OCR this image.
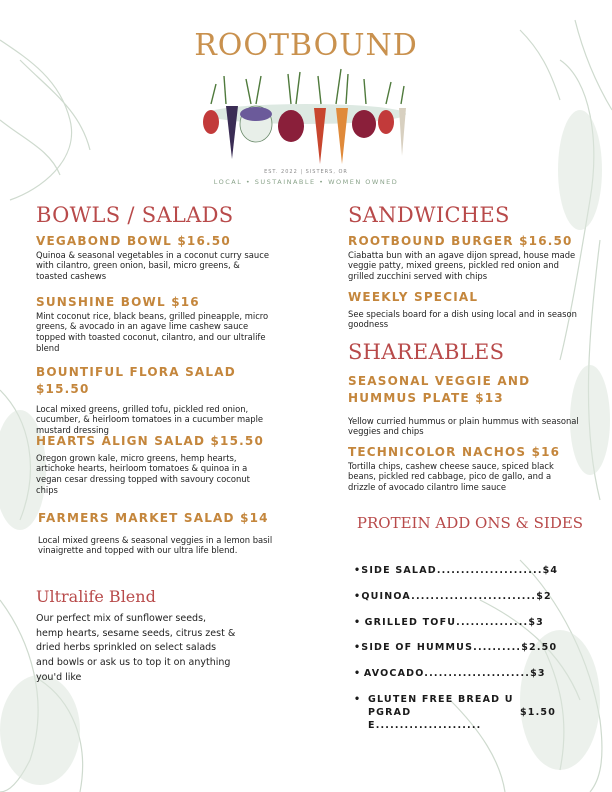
ROOTBOUND
EST. 2022 | SISTERS, OR
LOCAL • SUSTAINABLE • WOMEN OWNED
BOWLS / SALADS
VEGABOND BOWL $16.50
Quinoa & seasonal vegetables in a coconut curry sauce with cilantro, green onion, basil, micro greens, & toasted cashews
SUNSHINE BOWL $16
Mint coconut rice, black beans, grilled pineapple, micro greens, & avocado in an agave lime cashew sauce topped with toasted coconut, cilantro, and our ultralife blend
BOUNTIFUL FLORA SALAD $15.50
Local mixed greens, grilled tofu, pickled red onion, cucumber, & heirloom tomatoes in a cucumber maple mustard dressing
HEARTS ALIGN SALAD $15.50
Oregon grown kale, micro greens, hemp hearts, artichoke hearts, heirloom tomatoes & quinoa in a vegan cesar dressing topped with savoury coconut chips
FARMERS MARKET SALAD $14
Local mixed greens & seasonal veggies in a lemon basil vinaigrette and topped with our ultra life blend.
Ultralife Blend
Our perfect mix of sunflower seeds, hemp hearts, sesame seeds, citrus zest & dried herbs sprinkled on select salads and bowls or ask us to top it on anything you'd like
SANDWICHES
ROOTBOUND BURGER $16.50
Ciabatta bun with an agave dijon spread, house made veggie patty, mixed greens, pickled red onion and grilled zucchini served with chips
WEEKLY SPECIAL
See specials board for a dish using local and in season goodness
SHAREABLES
SEASONAL VEGGIE AND HUMMUS PLATE $13
Yellow curried hummus or plain hummus with seasonal veggies and chips
TECHNICOLOR NACHOS $16
Tortilla chips, cashew cheese sauce, spiced black beans, pickled red cabbage, pico de gallo, and a drizzle of avocado cilantro lime sauce
PROTEIN ADD ONS & SIDES
• SIDE SALAD...................... $4
• QUINOA.......................... $2
• GRILLED TOFU............... $3
• SIDE OF HUMMUS.......... $2.50
• AVOCADO...................... $3
• GLUTEN FREE BREAD UPGRADE......................
$1.50
